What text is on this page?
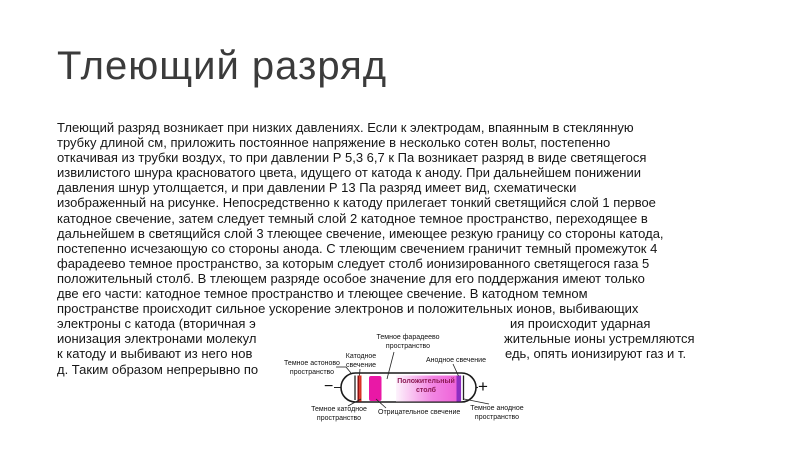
Тлеющий разряд
Тлеющий разряд возникает при низких давлениях. Если к электродам, впаянным в стеклянную
трубку длиной см, приложить постоянное напряжение в несколько сотен вольт, постепенно
откачивая из трубки воздух, то при давлении Р 5,3 6,7 к Па возникает разряд в виде светящегося
извилистого шнура красноватого цвета, идущего от катода к аноду. При дальнейшем понижении
давления шнур утолщается, и при давлении Р 13 Па разряд имеет вид, схематически
изображенный на рисунке. Непосредственно к катоду прилегает тонкий светящийся слой 1 первое
катодное свечение, затем следует темный слой 2 катодное темное пространство, переходящее в
дальнейшем в светящийся слой 3 тлеющее свечение, имеющее резкую границу со стороны катода,
постепенно исчезающую со стороны анода. С тлеющим свечением граничит темный промежуток 4
фарадеево темное пространство, за которым следует столб ионизированного светящегося газа 5
положительный столб. В тлеющем разряде особое значение для его поддержания имеют только
две его части: катодное темное пространство и тлеющее свечение. В катодном темном
пространстве происходит сильное ускорение электронов и положительных ионов, выбивающих
электроны с катода (вторичная э	ия происходит ударная
ионизация электронами молекул	жительные ионы устремляются
к катоду и выбивают из него нов	едь, опять ионизируют газ и т.
д. Таким образом непрерывно по
Темное фарадеево пространство
Катодное свечение
Темное астоново пространство
Анодное свечение
Темное катодное пространство
Отрицательное свечение
Темное анодное пространство
Положительный столб
−	+
